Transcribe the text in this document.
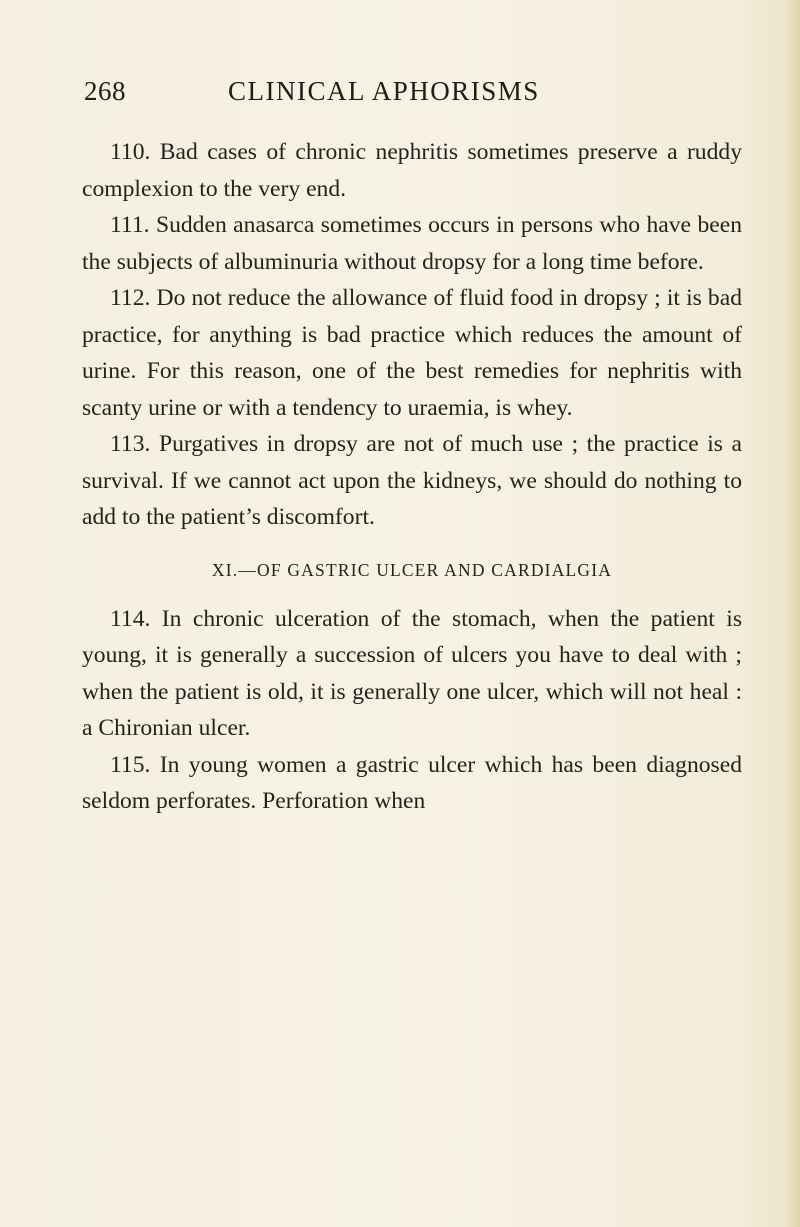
268	CLINICAL APHORISMS

110. Bad cases of chronic nephritis sometimes preserve a ruddy complexion to the very end.

111. Sudden anasarca sometimes occurs in persons who have been the subjects of albuminuria without dropsy for a long time before.

112. Do not reduce the allowance of fluid food in dropsy ; it is bad practice, for anything is bad practice which reduces the amount of urine. For this reason, one of the best remedies for nephritis with scanty urine or with a tendency to uraemia, is whey.

113. Purgatives in dropsy are not of much use ; the practice is a survival. If we cannot act upon the kidneys, we should do nothing to add to the patient’s discomfort.

XI.—OF GASTRIC ULCER AND CARDIALGIA

114. In chronic ulceration of the stomach, when the patient is young, it is generally a succession of ulcers you have to deal with ; when the patient is old, it is generally one ulcer, which will not heal : a Chironian ulcer.

115. In young women a gastric ulcer which has been diagnosed seldom perforates. Perforation when
